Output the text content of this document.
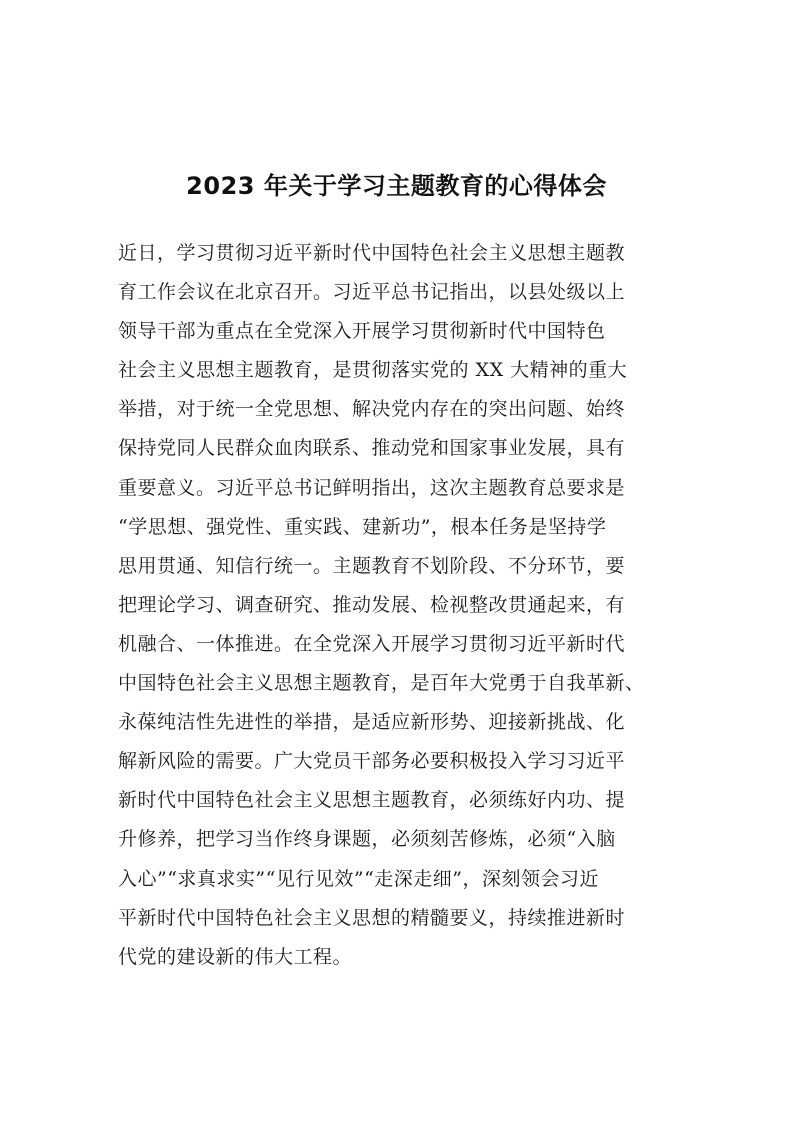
2023 年关于学习主题教育的心得体会
近日，学习贯彻习近平新时代中国特色社会主义思想主题教
育工作会议在北京召开。习近平总书记指出，以县处级以上
领导干部为重点在全党深入开展学习贯彻新时代中国特色
社会主义思想主题教育，是贯彻落实党的 XX 大精神的重大
举措，对于统一全党思想、解决党内存在的突出问题、始终
保持党同人民群众血肉联系、推动党和国家事业发展，具有
重要意义。习近平总书记鲜明指出，这次主题教育总要求是
“学思想、强党性、重实践、建新功”，根本任务是坚持学
思用贯通、知信行统一。主题教育不划阶段、不分环节，要
把理论学习、调查研究、推动发展、检视整改贯通起来，有
机融合、一体推进。在全党深入开展学习贯彻习近平新时代
中国特色社会主义思想主题教育，是百年大党勇于自我革新、
永葆纯洁性先进性的举措，是适应新形势、迎接新挑战、化
解新风险的需要。广大党员干部务必要积极投入学习习近平
新时代中国特色社会主义思想主题教育，必须练好内功、提
升修养，把学习当作终身课题，必须刻苦修炼，必须“入脑
入心”“求真求实”“见行见效”“走深走细”，深刻领会习近
平新时代中国特色社会主义思想的精髓要义，持续推进新时
代党的建设新的伟大工程。
